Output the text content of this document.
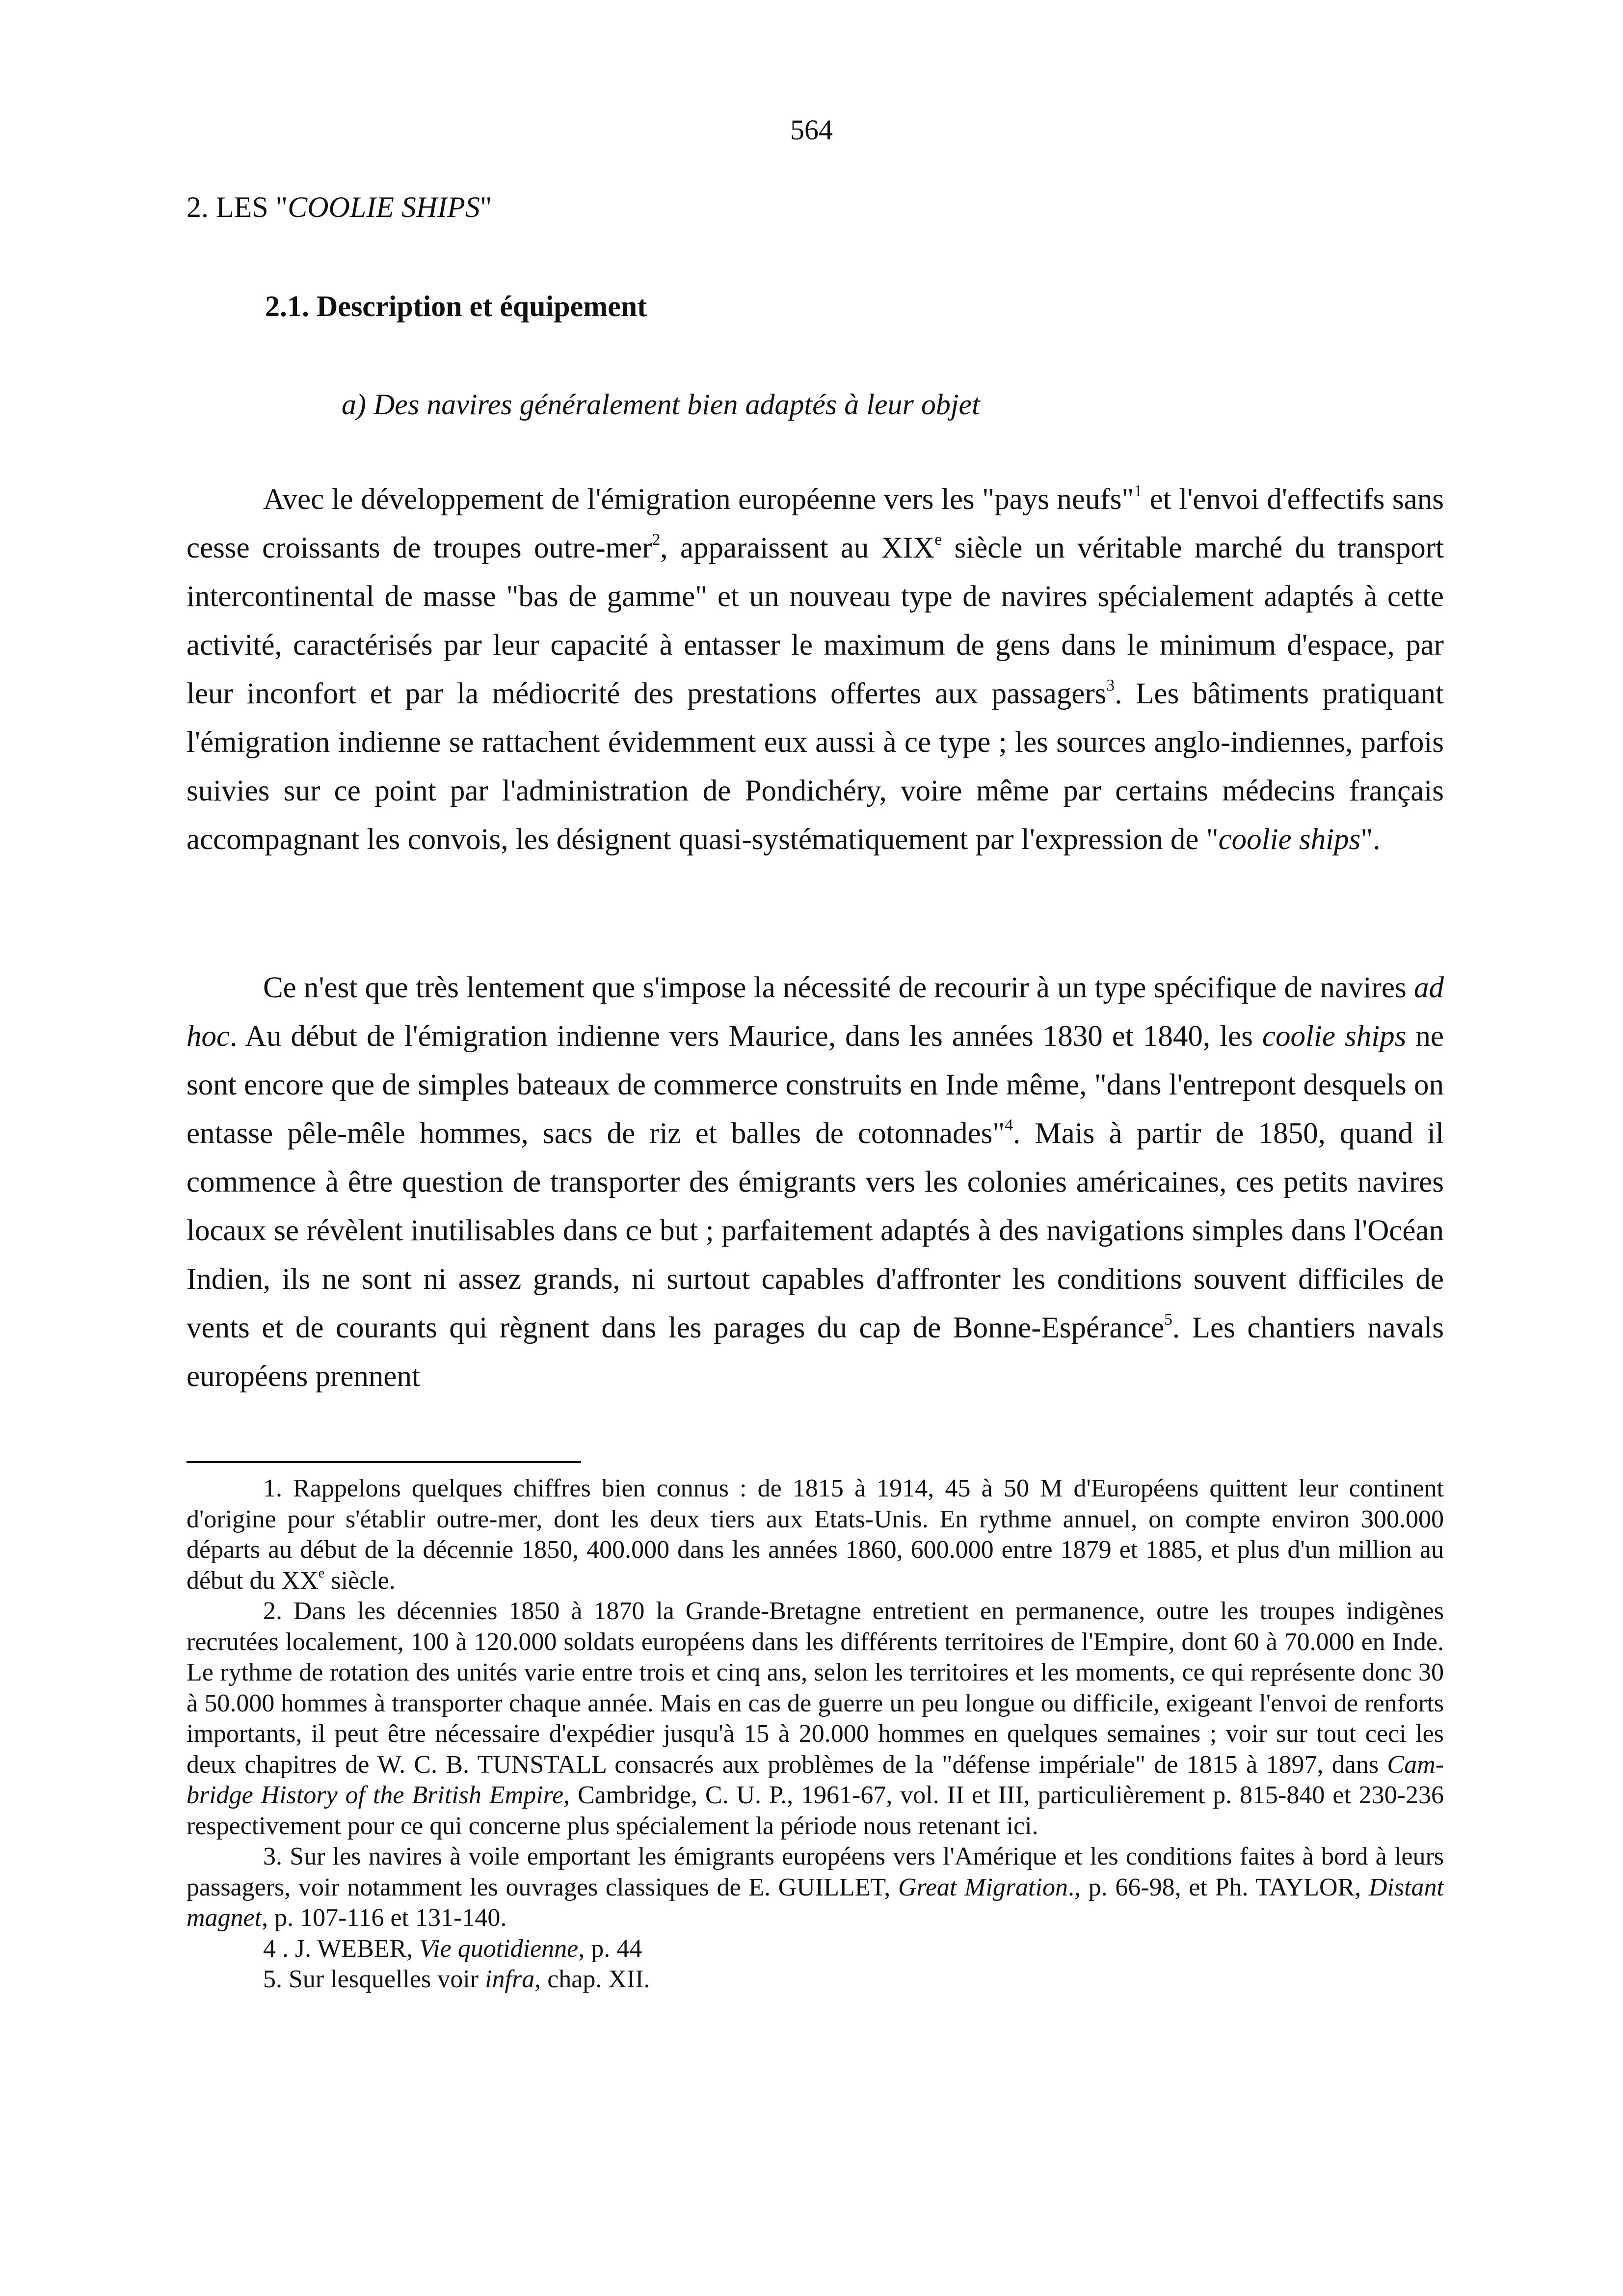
564
2. LES "COOLIE SHIPS"
2.1. Description et équipement
a) Des navires généralement bien adaptés à leur objet

Avec le développement de l'émigration européenne vers les "pays neufs"$^1$ et l'envoi d'effectifs sans cesse croissants de troupes outre-mer$^2$, apparaissent au XIXe siècle un véritable marché du transport intercontinental de masse "bas de gamme" et un nouveau type de navires spécialement adaptés à cette activité, caractérisés par leur capacité à entasser le maximum de gens dans le minimum d'espace, par leur inconfort et par la médiocrité des prestations offertes aux passagers$^3$. Les bâtiments pratiquant l'émigration indienne se rattachent évidemment eux aussi à ce type ; les sources anglo-indiennes, parfois suivies sur ce point par l'administration de Pondichéry, voire même par certains médecins français accompagnant les convois, les désignent quasi-systématiquement par l'expression de "coolie ships".

Ce n'est que très lentement que s'impose la nécessité de recourir à un type spécifique de navires ad hoc. Au début de l'émigration indienne vers Maurice, dans les années 1830 et 1840, les coolie ships ne sont encore que de simples bateaux de commerce construits en Inde même, "dans l'entrepont desquels on entasse pêle-mêle hommes, sacs de riz et balles de cotonnades"$^4$. Mais à partir de 1850, quand il commence à être question de transporter des émigrants vers les colonies américaines, ces petits navires locaux se révèlent inutilisables dans ce but ; parfaitement adaptés à des navigations simples dans l'Océan Indien, ils ne sont ni assez grands, ni surtout capables d'affronter les conditions souvent difficiles de vents et de courants qui règnent dans les parages du cap de Bonne-Espérance$^5$. Les chantiers navals européens prennent

1. Rappelons quelques chiffres bien connus : de 1815 à 1914, 45 à 50 M d'Européens quittent leur continent d'origine pour s'établir outre-mer, dont les deux tiers aux Etats-Unis. En rythme annuel, on compte environ 300.000 départs au début de la décennie 1850, 400.000 dans les années 1860, 600.000 entre 1879 et 1885, et plus d'un million au début du XXe siècle.

2. Dans les décennies 1850 à 1870 la Grande-Bretagne entretient en permanence, outre les troupes indigènes recrutées localement, 100 à 120.000 soldats européens dans les différents territoires de l'Empire, dont 60 à 70.000 en Inde. Le rythme de rotation des unités varie entre trois et cinq ans, selon les territoires et les moments, ce qui représente donc 30 à 50.000 hommes à transporter chaque année. Mais en cas de guerre un peu longue ou difficile, exigeant l'envoi de renforts importants, il peut être nécessaire d'expédier jusqu'à 15 à 20.000 hommes en quelques semaines ; voir sur tout ceci les deux chapitres de W. C. B. TUNSTALL consacrés aux problèmes de la "défense impériale" de 1815 à 1897, dans Cambridge History of the British Empire, Cambridge, C. U. P., 1961-67, vol. II et III, particulièrement p. 815-840 et 230-236 respectivement pour ce qui concerne plus spécialement la période nous retenant ici.

3. Sur les navires à voile emportant les émigrants européens vers l'Amérique et les conditions faites à bord à leurs passagers, voir notamment les ouvrages classiques de E. GUILLET, Great Migration., p. 66-98, et Ph. TAYLOR, Distant magnet, p. 107-116 et 131-140.

4 . J. WEBER, Vie quotidienne, p. 44

5. Sur lesquelles voir infra, chap. XII.
